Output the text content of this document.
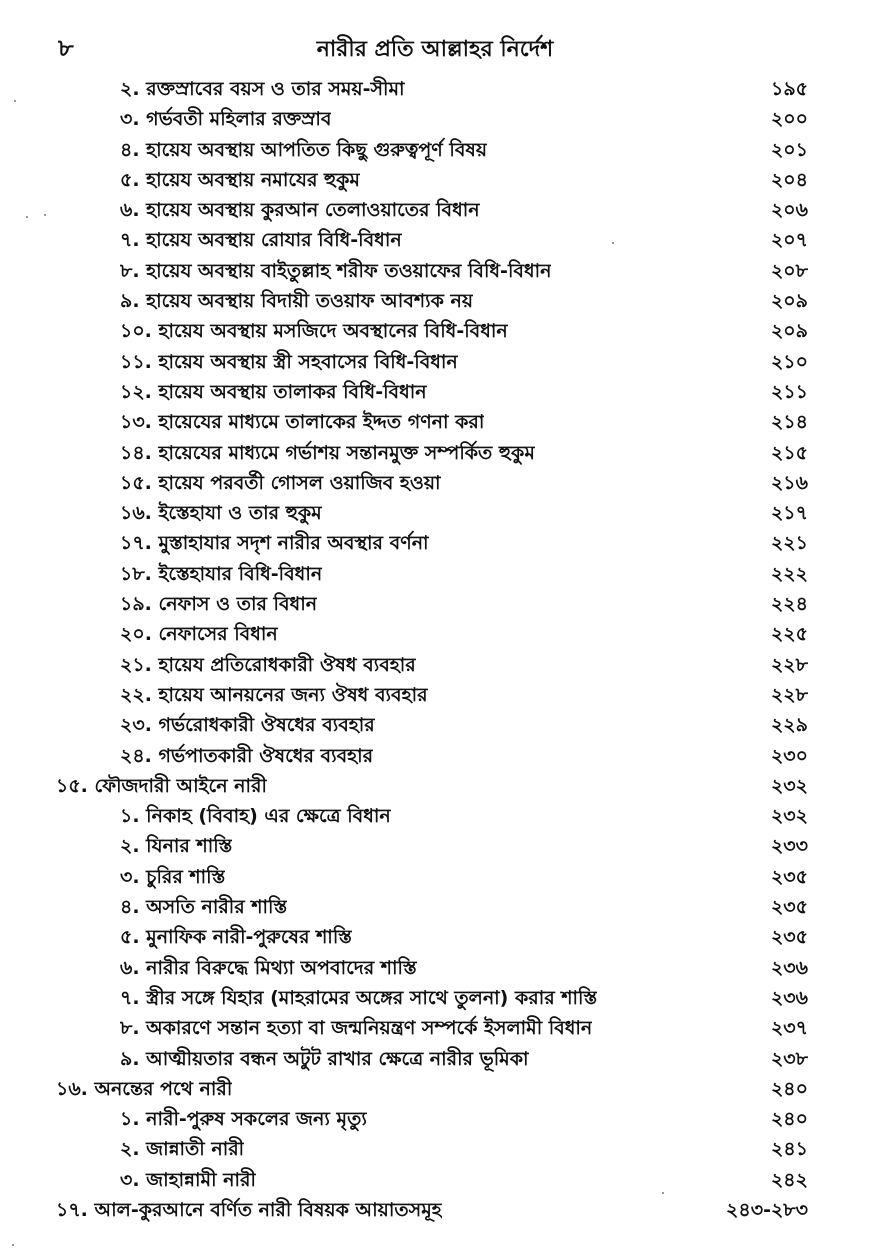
৮	নারীর প্রতি আল্লাহর নির্দেশ
২. রক্তস্রাবের বয়স ও তার সময়-সীমা	১৯৫
৩. গর্ভবতী মহিলার রক্তস্রাব	২০০
৪. হায়েয অবস্থায় আপতিত কিছু গুরুত্বপূর্ণ বিষয়	২০১
৫. হায়েয অবস্থায় নমাযের হুকুম	২০৪
৬. হায়েয অবস্থায় কুরআন তেলাওয়াতের বিধান	২০৬
৭. হায়েয অবস্থায় রোযার বিধি-বিধান	২০৭
৮. হায়েয অবস্থায় বাইতুল্লাহ শরীফ তওয়াফের বিধি-বিধান	২০৮
৯. হায়েয অবস্থায় বিদায়ী তওয়াফ আবশ্যক নয়	২০৯
১০. হায়েয অবস্থায় মসজিদে অবস্থানের বিধি-বিধান	২০৯
১১. হায়েয অবস্থায় স্ত্রী সহবাসের বিধি-বিধান	২১০
১২. হায়েয অবস্থায় তালাকর বিধি-বিধান	২১১
১৩. হায়েযের মাধ্যমে তালাকের ইদ্দত গণনা করা	২১৪
১৪. হায়েযের মাধ্যমে গর্ভাশয় সন্তানমুক্ত সম্পর্কিত হুকুম	২১৫
১৫. হায়েয পরবর্তী গোসল ওয়াজিব হওয়া	২১৬
১৬. ইস্তেহাযা ও তার হুকুম	২১৭
১৭. মুস্তাহাযার সদৃশ নারীর অবস্থার বর্ণনা	২২১
১৮. ইস্তেহাযার বিধি-বিধান	২২২
১৯. নেফাস ও তার বিধান	২২৪
২০. নেফাসের বিধান	২২৫
২১. হায়েয প্রতিরোধকারী ঔষধ ব্যবহার	২২৮
২২. হায়েয আনয়নের জন্য ঔষধ ব্যবহার	২২৮
২৩. গর্ভরোধকারী ঔষধের ব্যবহার	২২৯
২৪. গর্ভপাতকারী ঔষধের ব্যবহার	২৩০
১৫. ফৌজদারী আইনে নারী	২৩২
১. নিকাহ (বিবাহ) এর ক্ষেত্রে বিধান	২৩২
২. যিনার শাস্তি	২৩৩
৩. চুরির শাস্তি	২৩৫
৪. অসতি নারীর শাস্তি	২৩৫
৫. মুনাফিক নারী-পুরুষের শাস্তি	২৩৫
৬. নারীর বিরুদ্ধে মিথ্যা অপবাদের শাস্তি	২৩৬
৭. স্ত্রীর সঙ্গে যিহার (মাহরামের অঙ্গের সাথে তুলনা) করার শাস্তি	২৩৬
৮. অকারণে সন্তান হত্যা বা জন্মনিয়ন্ত্রণ সম্পর্কে ইসলামী বিধান	২৩৭
৯. আত্মীয়তার বন্ধন অটুট রাখার ক্ষেত্রে নারীর ভূমিকা	২৩৮
১৬. অনন্তের পথে নারী	২৪০
১. নারী-পুরুষ সকলের জন্য মৃত্যু	২৪০
২. জান্নাতী নারী	২৪১
৩. জাহান্নামী নারী	২৪২
১৭. আল-কুরআনে বর্ণিত নারী বিষয়ক আয়াতসমূহ	২৪৩-২৮৩
